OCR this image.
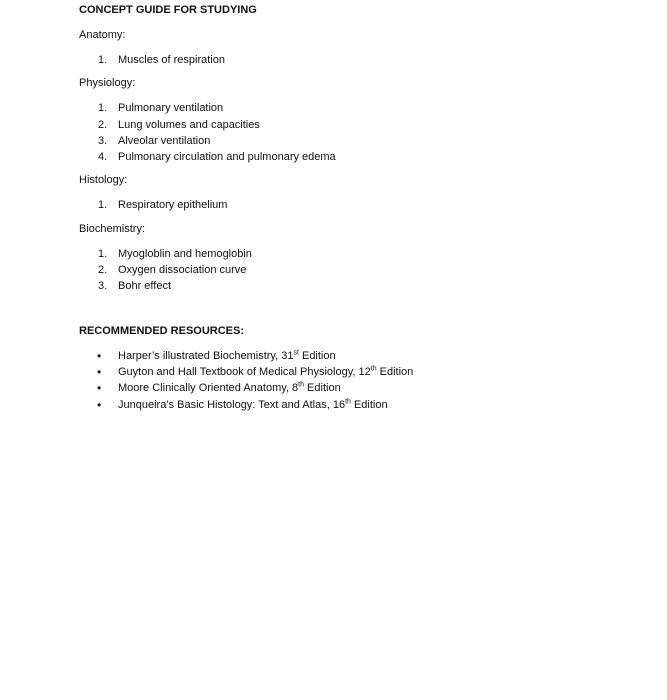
CONCEPT GUIDE FOR STUDYING
Anatomy:
1. Muscles of respiration
Physiology:
1. Pulmonary ventilation
2. Lung volumes and capacities
3. Alveolar ventilation
4. Pulmonary circulation and pulmonary edema
Histology:
1. Respiratory epithelium
Biochemistry:
1. Myogloblin and hemoglobin
2. Oxygen dissociation curve
3. Bohr effect
RECOMMENDED RESOURCES:
• Harper’s illustrated Biochemistry, 31st Edition
• Guyton and Hall Textbook of Medical Physiology, 12th Edition
• Moore Clinically Oriented Anatomy, 8th Edition
• Junqueira’s Basic Histology: Text and Atlas, 16th Edition
